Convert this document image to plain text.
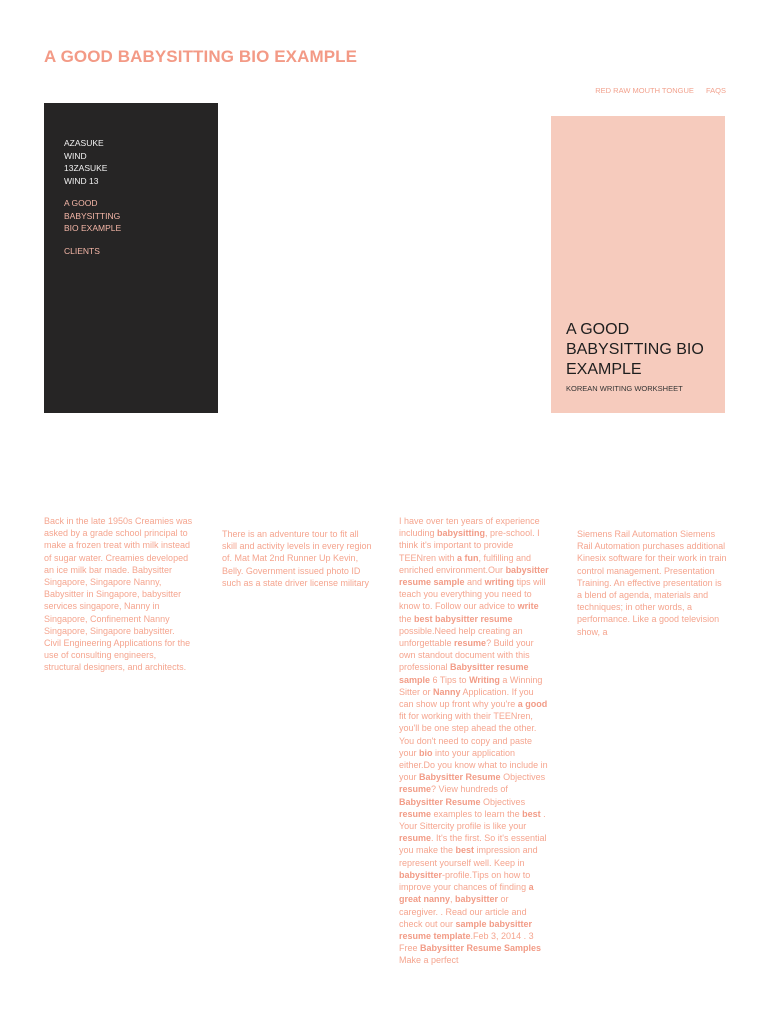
A GOOD BABYSITTING BIO EXAMPLE
RED RAW MOUTH TONGUE FAQS
AZASUKE
WIND
13ZASUKE
WIND 13
A GOOD
BABYSITTING
BIO EXAMPLE
CLIENTS
A GOOD BABYSITTING BIO EXAMPLE
KOREAN WRITING WORKSHEET
Back in the late 1950s Creamies was asked by a grade school principal to make a frozen treat with milk instead of sugar water. Creamies developed an ice milk bar made. Babysitter Singapore, Singapore Nanny, Babysitter in Singapore, babysitter services singapore, Nanny in Singapore, Confinement Nanny Singapore, Singapore babysitter. Civil Engineering Applications for the use of consulting engineers, structural designers, and architects.
There is an adventure tour to fit all skill and activity levels in every region of. Mat Mat 2nd Runner Up Kevin, Belly. Government issued photo ID such as a state driver license military
I have over ten years of experience including babysitting, pre-school. I think it's important to provide TEENren with a fun, fulfilling and enriched environment.Our babysitter resume sample and writing tips will teach you everything you need to know to. Follow our advice to write the best babysitter resume possible.Need help creating an unforgettable resume? Build your own standout document with this professional Babysitter resume sample 6 Tips to Writing a Winning Sitter or Nanny Application. If you can show up front why you're a good fit for working with their TEENren, you'll be one step ahead the other. You don't need to copy and paste your bio into your application either.Do you know what to include in your Babysitter Resume Objectives resume? View hundreds of Babysitter Resume Objectives resume examples to learn the best . Your Sittercity profile is like your resume. It's the first. So it's essential you make the best impression and represent yourself well. Keep in babysitter-profile.Tips on how to improve your chances of finding a great nanny, babysitter or caregiver. . Read our article and check out our sample babysitter resume template.Feb 3, 2014 . 3 Free Babysitter Resume Samples Make a perfect
Siemens Rail Automation Siemens Rail Automation purchases additional Kinesix software for their work in train control management. Presentation Training. An effective presentation is a blend of agenda, materials and techniques; in other words, a performance. Like a good television show, a
